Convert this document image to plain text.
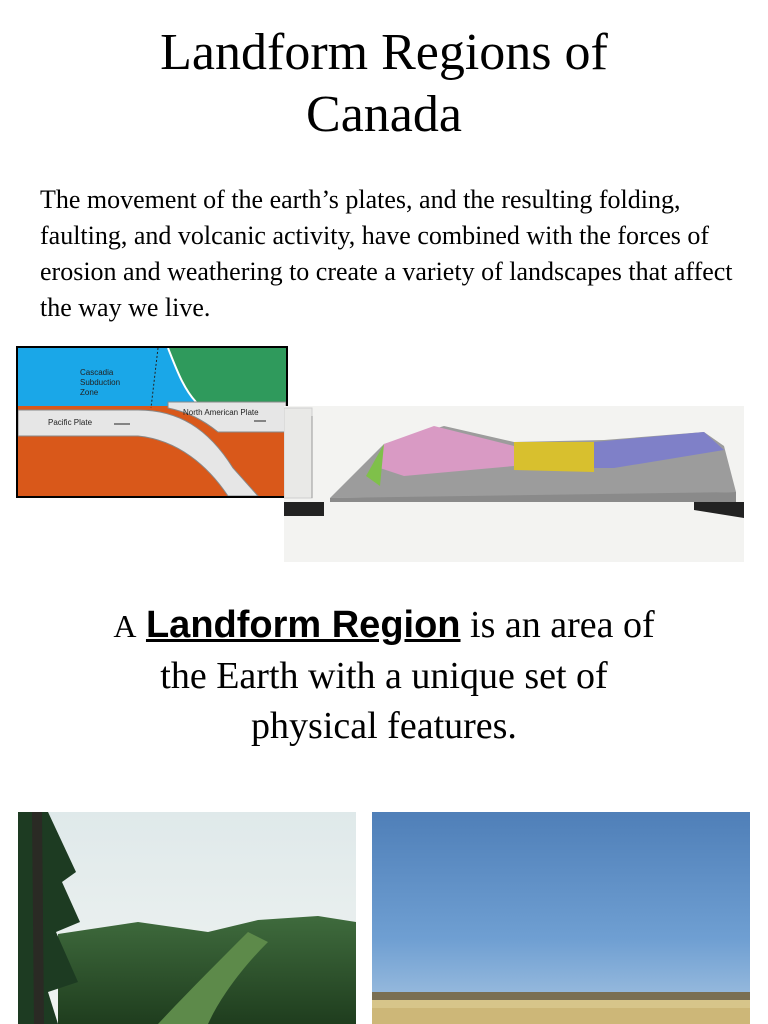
Landform Regions of
Canada
The movement of the earth’s plates, and the resulting folding, faulting, and volcanic activity, have combined with the forces of erosion and weathering to create a variety of landscapes that affect the way we live.
Cascadia
Subduction
Zone
Pacific Plate
North American Plate
A Landform Region is an area of
the Earth with a unique set of
physical features.
